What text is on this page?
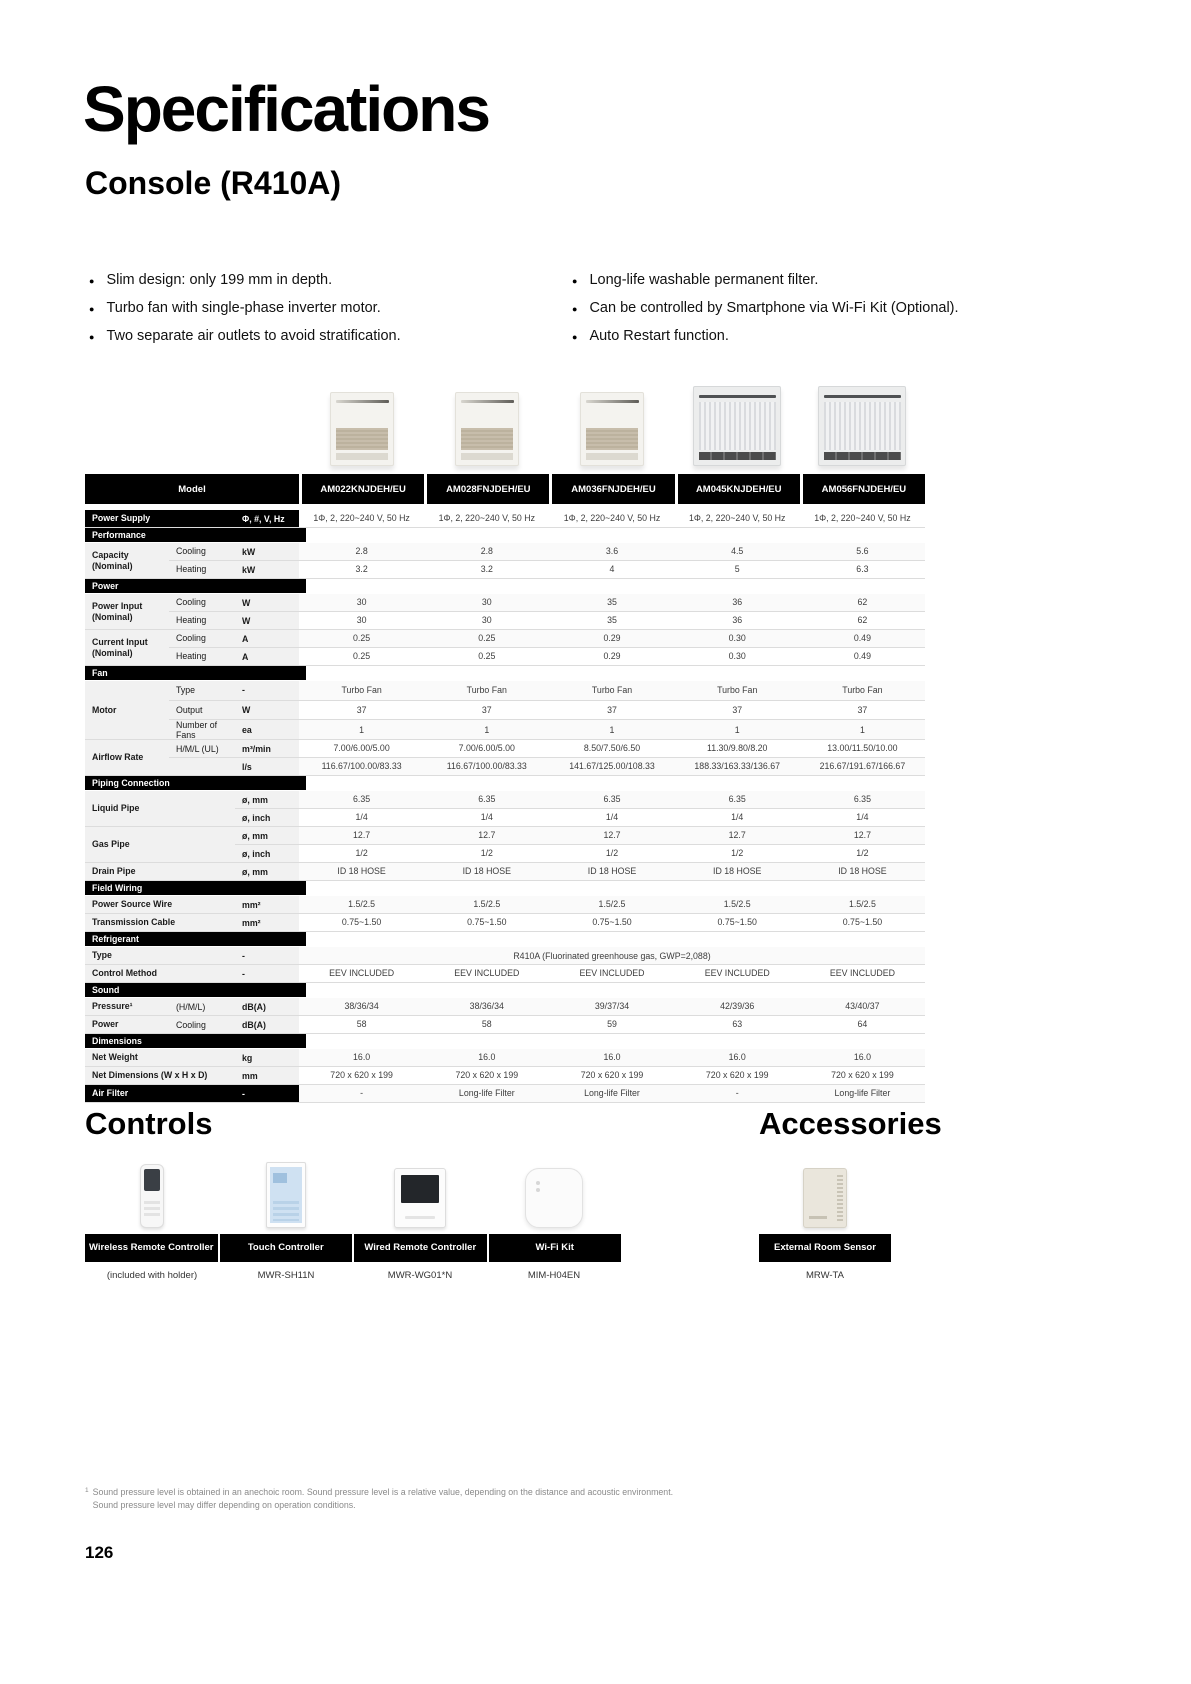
Specifications
Console (R410A)
● Slim design: only 199 mm in depth.
● Turbo fan with single-phase inverter motor.
● Two separate air outlets to avoid stratification.
● Long-life washable permanent filter.
● Can be controlled by Smartphone via Wi-Fi Kit (Optional).
● Auto Restart function.
Model	AM022KNJDEH/EU	AM028FNJDEH/EU	AM036FNJDEH/EU	AM045KNJDEH/EU	AM056FNJDEH/EU
Power Supply	Φ, #, V, Hz	1Φ, 2, 220~240 V, 50 Hz	1Φ, 2, 220~240 V, 50 Hz	1Φ, 2, 220~240 V, 50 Hz	1Φ, 2, 220~240 V, 50 Hz	1Φ, 2, 220~240 V, 50 Hz
Performance
Capacity (Nominal)
Cooling	kW	2.8	2.8	3.6	4.5	5.6
Heating	kW	3.2	3.2	4	5	6.3
Power
Power Input (Nominal)
Cooling	W	30	30	35	36	62
Heating	W	30	30	35	36	62
Current Input (Nominal)
Cooling	A	0.25	0.25	0.29	0.30	0.49
Heating	A	0.25	0.25	0.29	0.30	0.49
Fan
Motor
Type	-	Turbo Fan	Turbo Fan	Turbo Fan	Turbo Fan	Turbo Fan
Output	W	37	37	37	37	37
Number of Fans
ea	1	1	1	1	1
Airflow Rate
H/M/L (UL)	m³/min	7.00/6.00/5.00	7.00/6.00/5.00	8.50/7.50/6.50	11.30/9.80/8.20	13.00/11.50/10.00
l/s	116.67/100.00/83.33	116.67/100.00/83.33	141.67/125.00/108.33	188.33/163.33/136.67	216.67/191.67/166.67
Piping Connection
Liquid Pipe
ø, mm	6.35	6.35	6.35	6.35	6.35
ø, inch	1/4	1/4	1/4	1/4	1/4
Gas Pipe
ø, mm	12.7	12.7	12.7	12.7	12.7
ø, inch	1/2	1/2	1/2	1/2	1/2
Drain Pipe	ø, mm	ID 18 HOSE	ID 18 HOSE	ID 18 HOSE	ID 18 HOSE	ID 18 HOSE
Field Wiring
Power Source Wire	mm²	1.5/2.5	1.5/2.5	1.5/2.5	1.5/2.5	1.5/2.5
Transmission Cable	mm²	0.75~1.50	0.75~1.50	0.75~1.50	0.75~1.50	0.75~1.50
Refrigerant
Type	-	R410A (Fluorinated greenhouse gas, GWP=2,088)
Control Method	-	EEV INCLUDED	EEV INCLUDED	EEV INCLUDED	EEV INCLUDED	EEV INCLUDED
Sound
Pressure¹	(H/M/L)	dB(A)	38/36/34	38/36/34	39/37/34	42/39/36	43/40/37
Power	Cooling	dB(A)	58	58	59	63	64
Dimensions
Net Weight	kg	16.0	16.0	16.0	16.0	16.0
Net Dimensions (W x H x D)	mm	720 x 620 x 199	720 x 620 x 199	720 x 620 x 199	720 x 620 x 199	720 x 620 x 199
Air Filter	-	-	Long-life Filter	Long-life Filter	-	Long-life Filter
Controls	Accessories
Wireless Remote Controller	Touch Controller	Wired Remote Controller	Wi-Fi Kit
(included with holder)	MWR-SH11N	MWR-WG01*N	MIM-H04EN
External Room Sensor
MRW-TA
$^1$ Sound pressure level is obtained in an anechoic room. Sound pressure level is a relative value, depending on the distance and acoustic environment.
Sound pressure level may differ depending on operation conditions.
126
